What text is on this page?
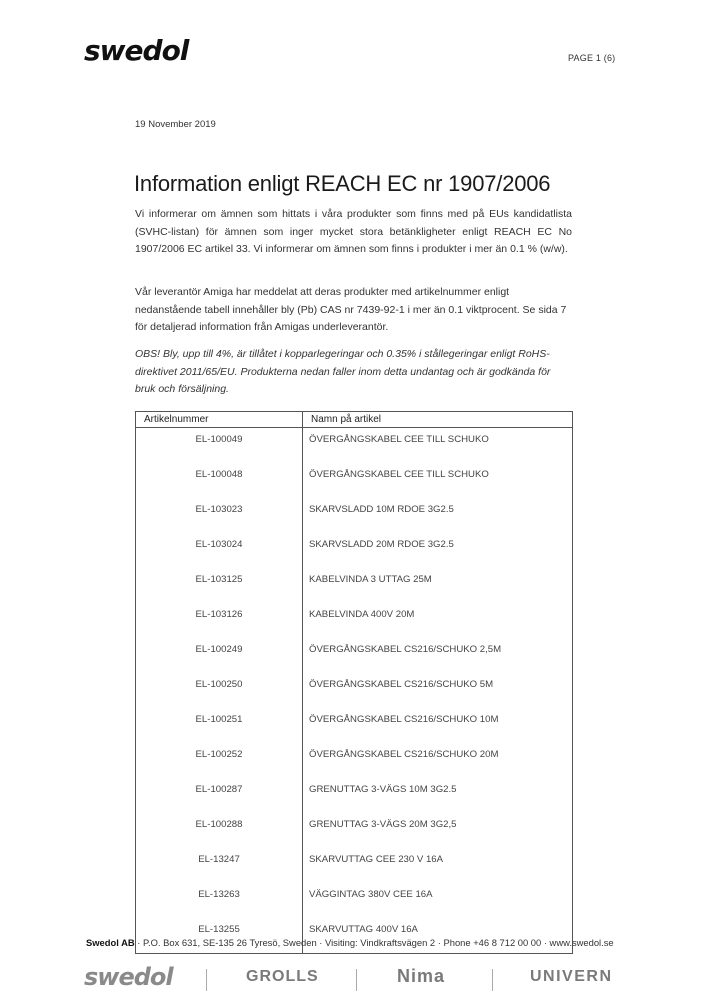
swedol	PAGE 1 (6)
19 November 2019
Information enligt REACH EC nr 1907/2006

Vi informerar om ämnen som hittats i våra produkter som finns med på EUs kandidatlista (SVHC-listan) för ämnen som inger mycket stora betänkligheter enligt REACH EC No 1907/2006 EC artikel 33. Vi informerar om ämnen som finns i produkter i mer än 0.1 % (w/w).

Vår leverantör Amiga har meddelat att deras produkter med artikelnummer enligt nedanstående tabell innehåller bly (Pb) CAS nr 7439-92-1 i mer än 0.1 viktprocent. Se sida 7 för detaljerad information från Amigas underleverantör.

OBS! Bly, upp till 4%, är tillåtet i kopparlegeringar och 0.35% i stållegeringar enligt RoHS-direktivet 2011/65/EU. Produkterna nedan faller inom detta undantag och är godkända för bruk och försäljning.

Artikelnummer	Namn på artikel
EL-100049	ÖVERGÅNGSKABEL CEE TILL SCHUKO
EL-100048	ÖVERGÅNGSKABEL CEE TILL SCHUKO
EL-103023	SKARVSLADD 10M RDOE 3G2.5
EL-103024	SKARVSLADD 20M RDOE 3G2.5
EL-103125	KABELVINDA 3 UTTAG 25M
EL-103126	KABELVINDA 400V 20M
EL-100249	ÖVERGÅNGSKABEL CS216/SCHUKO 2,5M
EL-100250	ÖVERGÅNGSKABEL CS216/SCHUKO 5M
EL-100251	ÖVERGÅNGSKABEL CS216/SCHUKO 10M
EL-100252	ÖVERGÅNGSKABEL CS216/SCHUKO 20M
EL-100287	GRENUTTAG 3-VÄGS 10M 3G2.5
EL-100288	GRENUTTAG 3-VÄGS 20M 3G2,5
EL-13247	SKARVUTTAG CEE 230 V 16A
EL-13263	VÄGGINTAG 380V CEE 16A
EL-13255	SKARVUTTAG 400V 16A
Swedol AB · P.O. Box 631, SE-135 26 Tyresö, Sweden · Visiting: Vindkraftsvägen 2 · Phone +46 8 712 00 00 · www.swedol.se
swedol	GROLLS	Nima	UNIVERN
